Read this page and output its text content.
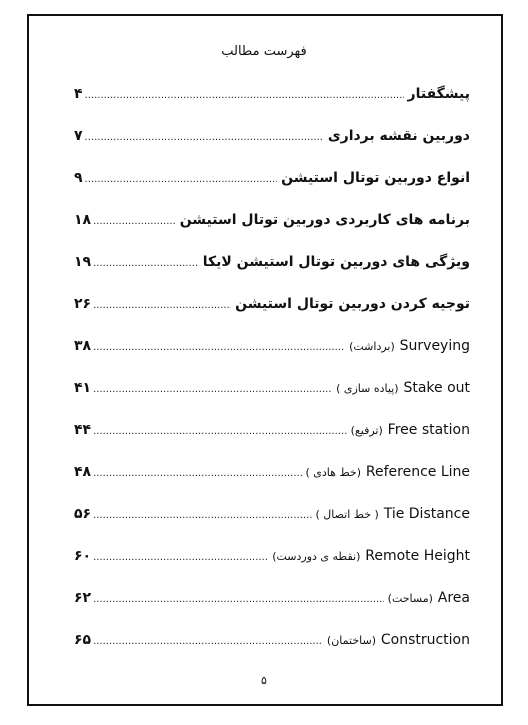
فهرست مطالب
پیشگفتار
.....
۴
دوربین نقشه برداری
.....
۷
انواع دوربین توتال استیشن
.....
۹
برنامه های کاربردی دوربین توتال استیشن
.....
۱۸
ویژگی های دوربین توتال استیشن لایکا
.....
۱۹
توجیه کردن دوربین توتال استیشن
.....
۲۶
Surveying (برداشت)
.....
۳۸
Stake out (پیاده سازی )
.....
۴۱
Free station (ترفیع)
.....
۴۴
Reference Line (خط هادی )
.....
۴۸
Tie Distance ( خط اتصال )
.....
۵۶
Remote Height (نقطه ی دوردست)
.....
۶۰
Area (مساحت)
.....
۶۲
Construction (ساختمان)
.....
۶۵
۵
